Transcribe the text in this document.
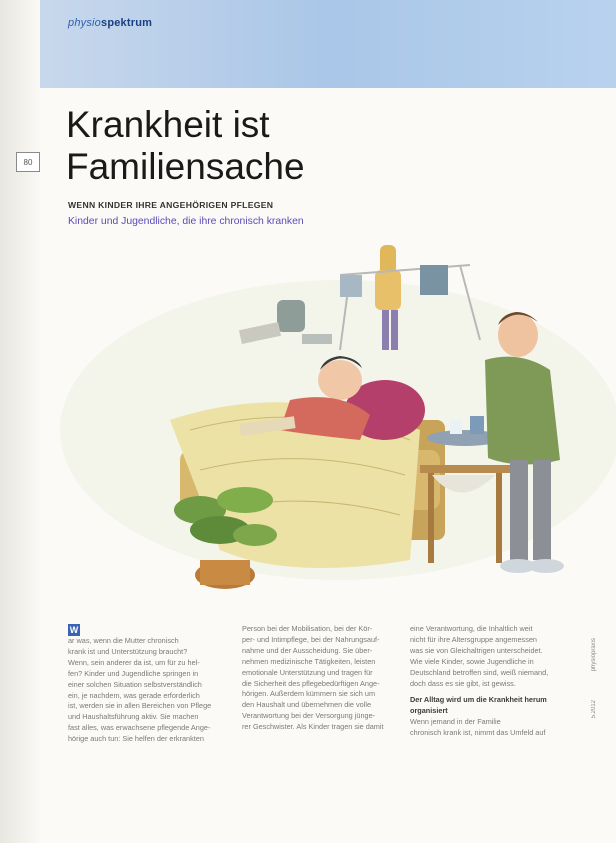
physiospektrum
80
Krankheit ist
Familiensache
WENN KINDER IHRE ANGEHÖRIGEN PFLEGEN
Kinder und Jugendliche, die ihre chronisch kranken
W
ar was, wenn die Mutter chronisch
krank ist und Unterstützung braucht?
Wenn, sein anderer da ist, um für zu hel-
fen? Kinder und Jugendliche springen in
einer solchen Situation selbstverständlich
ein, je nachdem, was gerade erforderlich
ist, werden sie in allen Bereichen von Pflege
und Haushaltsführung aktiv. Sie machen
fast alles, was erwachsene pflegende Ange-
hörige auch tun: Sie helfen der erkrankten
Person bei der Mobilisation, bei der Kör-
per- und Intimpflege, bei der Nahrungsauf-
nahme und der Ausscheidung. Sie über-
nehmen medizinische Tätigkeiten, leisten
emotionale Unterstützung und tragen für
die Sicherheit des pflegebedürftigen Ange-
hörigen. Außerdem kümmern sie sich um
den Haushalt und übernehmen die volle
Verantwortung bei der Versorgung jünge-
rer Geschwister. Als Kinder tragen sie damit
eine Verantwortung, die Inhaltlich weit
nicht für ihre Altersgruppe angemessen
was sie von Gleichaltrigen unterscheidet.
Wie viele Kinder, sowie Jugendliche in
Deutschland betroffen sind, weiß niemand,
doch dass es sie gibt, ist gewiss.
Der Alltag wird um die Krankheit herum
organisiert
Wenn jemand in der Familie
chronisch krank ist, nimmt das Umfeld auf
physiopraxis
5.2012
